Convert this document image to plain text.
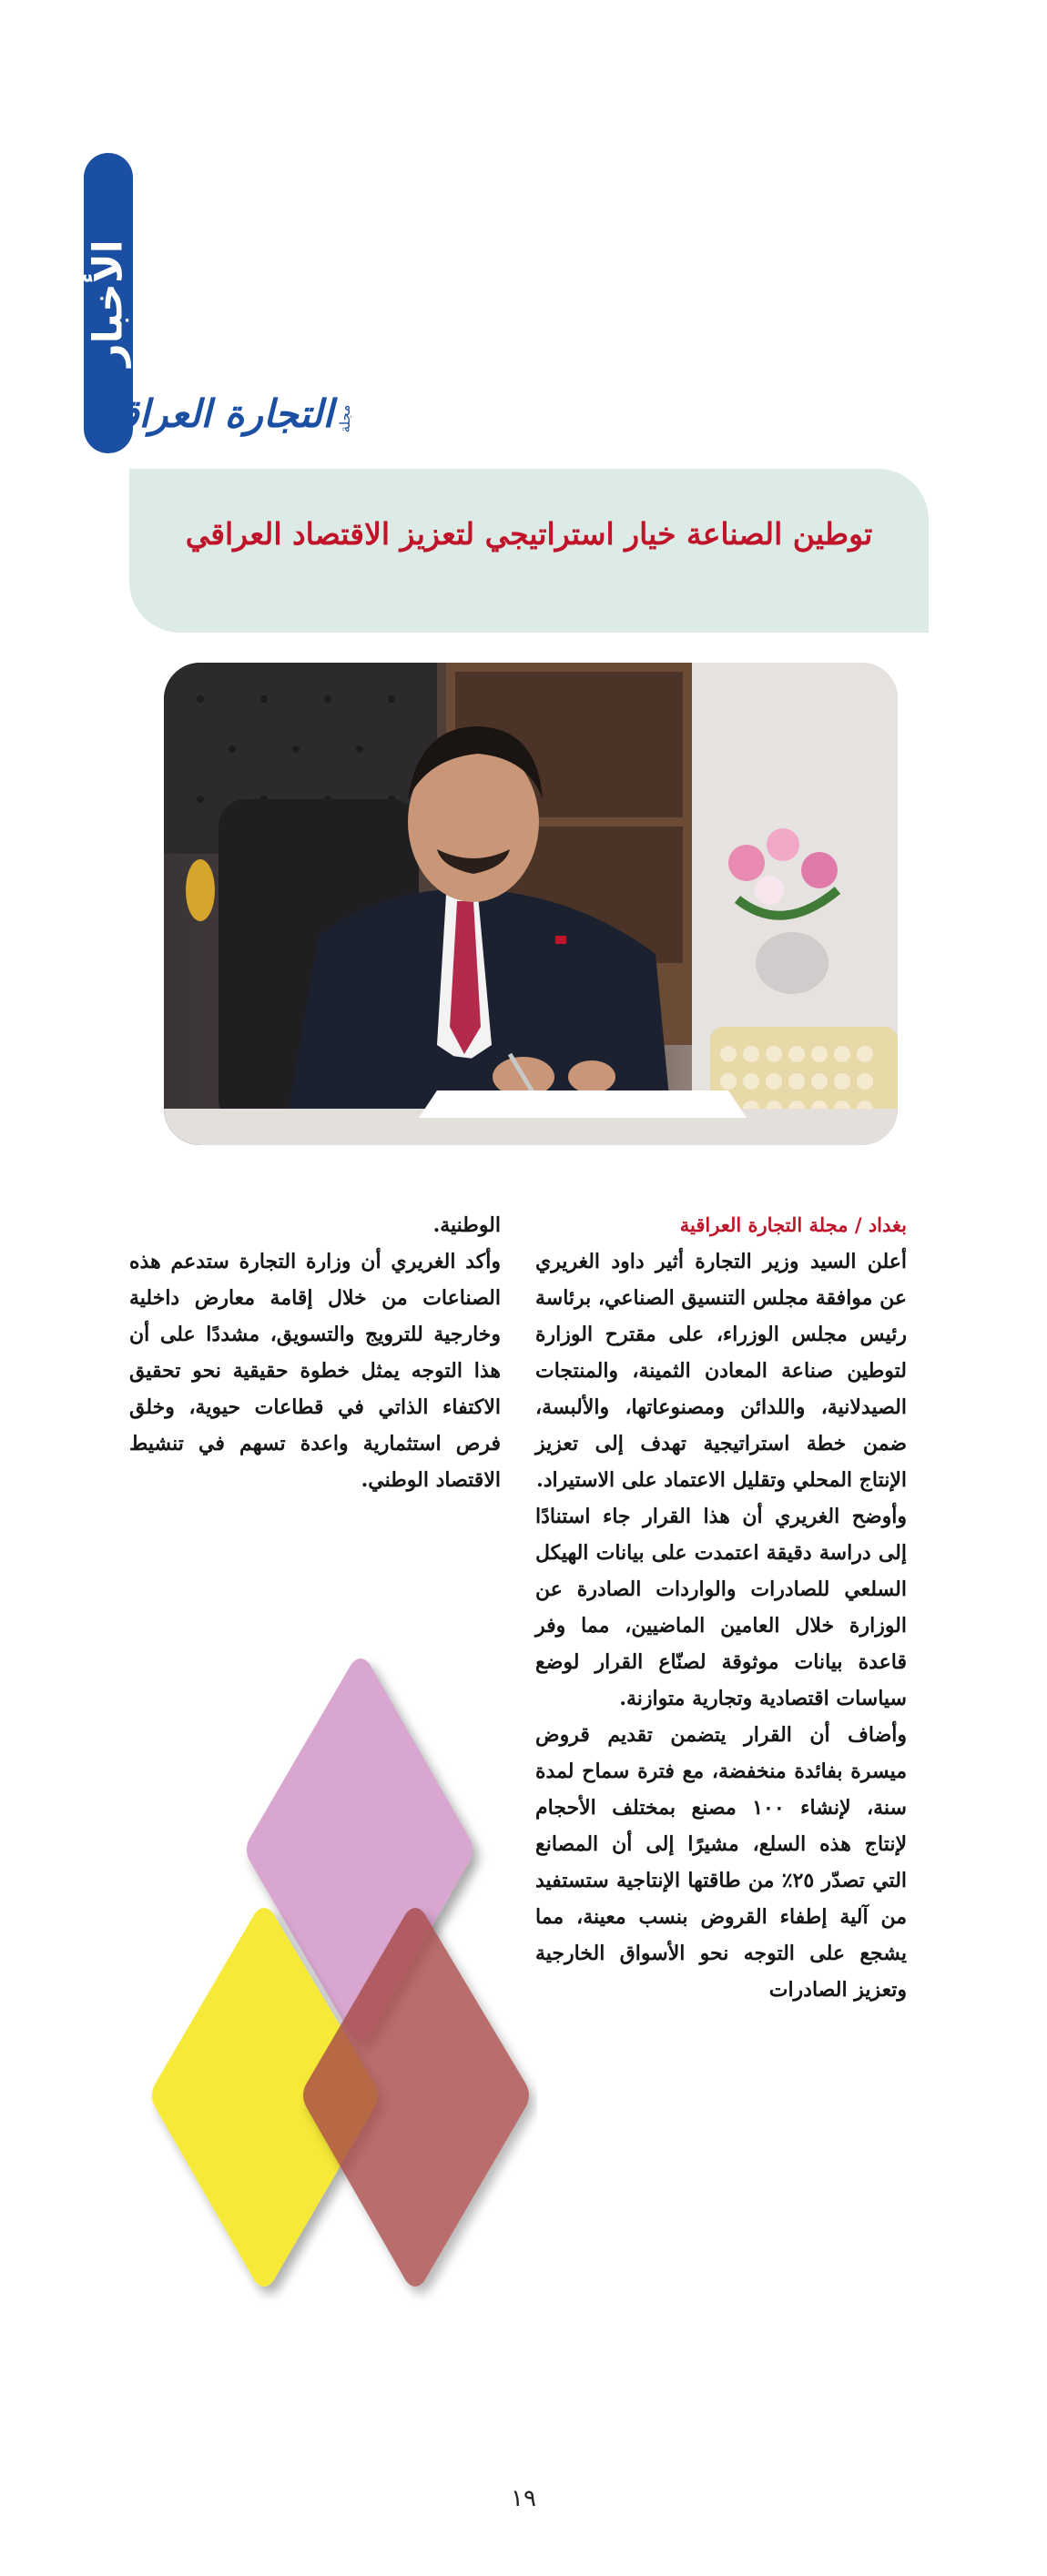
الأخبار
التجارة العراقية مجلة
توطين الصناعة خيار استراتيجي لتعزيز الاقتصاد العراقي

بغداد / مجلة التجارة العراقية

أعلن السيد وزير التجارة أثير داود الغريري عن موافقة مجلس التنسيق الصناعي، برئاسة رئيس مجلس الوزراء، على مقترح الوزارة لتوطين صناعة المعادن الثمينة، والمنتجات الصيدلانية، واللدائن ومصنوعاتها، والألبسة، ضمن خطة استراتيجية تهدف إلى تعزيز الإنتاج المحلي وتقليل الاعتماد على الاستيراد.

وأوضح الغريري أن هذا القرار جاء استنادًا إلى دراسة دقيقة اعتمدت على بيانات الهيكل السلعي للصادرات والواردات الصادرة عن الوزارة خلال العامين الماضيين، مما وفر قاعدة بيانات موثوقة لصنّاع القرار لوضع سياسات اقتصادية وتجارية متوازنة.

وأضاف أن القرار يتضمن تقديم قروض ميسرة بفائدة منخفضة، مع فترة سماح لمدة سنة، لإنشاء ١٠٠ مصنع بمختلف الأحجام لإنتاج هذه السلع، مشيرًا إلى أن المصانع التي تصدّر ٢٥٪ من طاقتها الإنتاجية ستستفيد من آلية إطفاء القروض بنسب معينة، مما يشجع على التوجه نحو الأسواق الخارجية وتعزيز الصادرات

الوطنية.

وأكد الغريري أن وزارة التجارة ستدعم هذه الصناعات من خلال إقامة معارض داخلية وخارجية للترويج والتسويق، مشددًا على أن هذا التوجه يمثل خطوة حقيقية نحو تحقيق الاكتفاء الذاتي في قطاعات حيوية، وخلق فرص استثمارية واعدة تسهم في تنشيط الاقتصاد الوطني.

١٩
